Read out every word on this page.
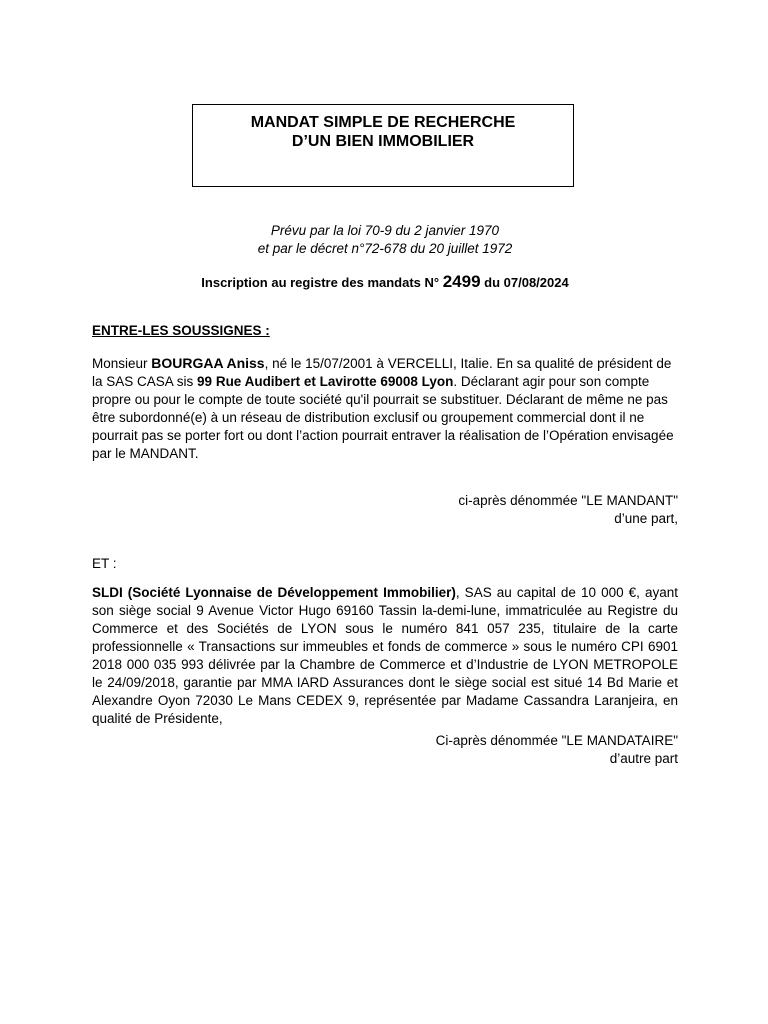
MANDAT SIMPLE DE RECHERCHE
D’UN BIEN IMMOBILIER
Prévu par la loi 70-9 du 2 janvier 1970
et par le décret n°72-678 du 20 juillet 1972
Inscription au registre des mandats N° 2499 du 07/08/2024
ENTRE-LES SOUSSIGNES :
Monsieur BOURGAA Aniss, né le 15/07/2001 à VERCELLI, Italie. En sa qualité de président de la SAS CASA sis 99 Rue Audibert et Lavirotte 69008 Lyon. Déclarant agir pour son compte propre ou pour le compte de toute société qu'il pourrait se substituer. Déclarant de même ne pas être subordonné(e) à un réseau de distribution exclusif ou groupement commercial dont il ne pourrait pas se porter fort ou dont l’action pourrait entraver la réalisation de l’Opération envisagée par le MANDANT.
ci-après dénommée "LE MANDANT"
d’une part,
ET :
SLDI (Société Lyonnaise de Développement Immobilier), SAS au capital de 10 000 €, ayant son siège social 9 Avenue Victor Hugo 69160 Tassin la-demi-lune, immatriculée au Registre du Commerce et des Sociétés de LYON sous le numéro 841 057 235, titulaire de la carte professionnelle « Transactions sur immeubles et fonds de commerce » sous le numéro CPI 6901 2018 000 035 993 délivrée par la Chambre de Commerce et d’Industrie de LYON METROPOLE le 24/09/2018, garantie par MMA IARD Assurances dont le siège social est situé 14 Bd Marie et Alexandre Oyon 72030 Le Mans CEDEX 9, représentée par Madame Cassandra Laranjeira, en qualité de Présidente,
Ci-après dénommée "LE MANDATAIRE"
d’autre part
